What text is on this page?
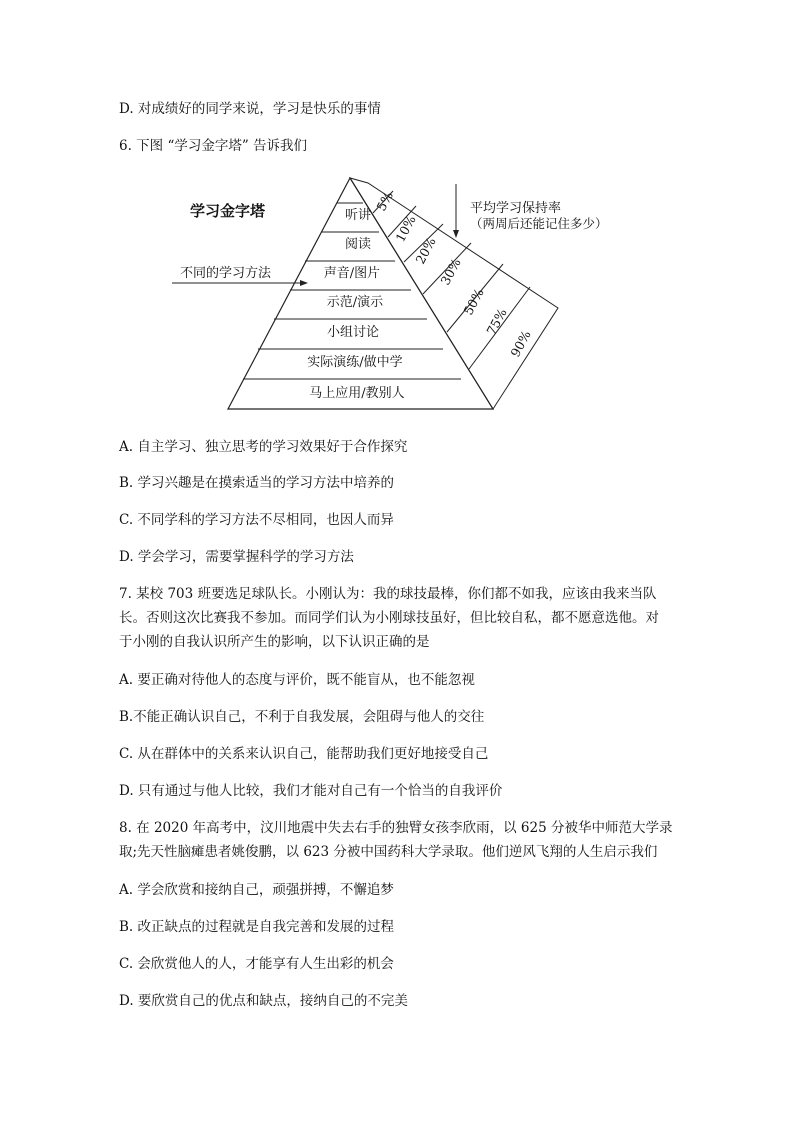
D. 对成绩好的同学来说，学习是快乐的事情
6. 下图 “学习金字塔” 告诉我们
学习金字塔
不同的学习方法
平均学习保持率
（两周后还能记住多少）
听讲
阅读
声音/图片
示范/演示
小组讨论
实际演练/做中学
马上应用/教别人
5%
10%
20%
30%
50%
75%
90%
A. 自主学习、独立思考的学习效果好于合作探究
B. 学习兴趣是在摸索适当的学习方法中培养的
C. 不同学科的学习方法不尽相同，也因人而异
D. 学会学习，需要掌握科学的学习方法
7. 某校 703 班要选足球队长。小刚认为：我的球技最棒，你们都不如我，应该由我来当队
长。否则这次比赛我不参加。而同学们认为小刚球技虽好，但比较自私，都不愿意选他。对
于小刚的自我认识所产生的影响，以下认识正确的是
A. 要正确对待他人的态度与评价，既不能盲从，也不能忽视
B.不能正确认识自己，不利于自我发展，会阻碍与他人的交往
C. 从在群体中的关系来认识自己，能帮助我们更好地接受自己
D. 只有通过与他人比较，我们才能对自己有一个恰当的自我评价
8. 在 2020 年高考中，汶川地震中失去右手的独臂女孩李欣雨，以 625 分被华中师范大学录
取;先天性脑瘫患者姚俊鹏，以 623 分被中国药科大学录取。他们逆风飞翔的人生启示我们
A. 学会欣赏和接纳自己，顽强拼搏，不懈追梦
B. 改正缺点的过程就是自我完善和发展的过程
C. 会欣赏他人的人，才能享有人生出彩的机会
D. 要欣赏自己的优点和缺点，接纳自己的不完美
